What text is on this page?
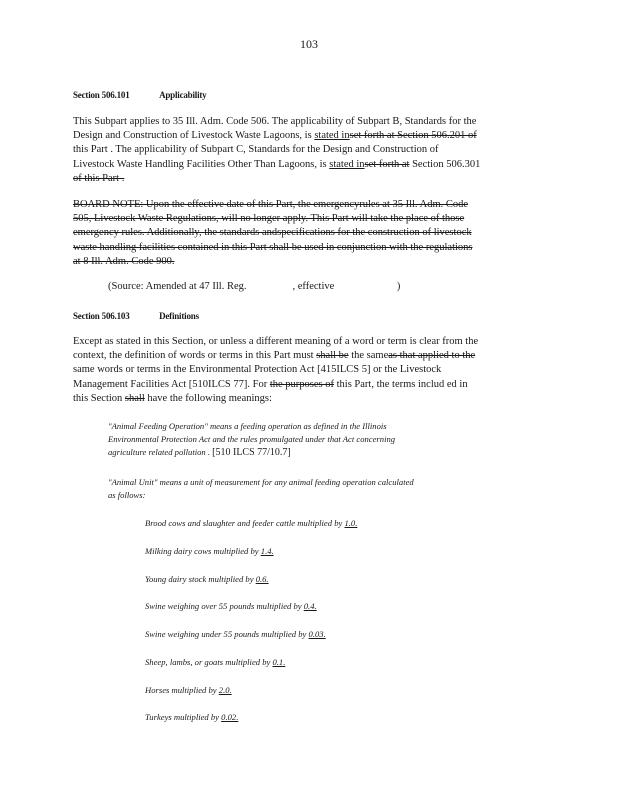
103
Section 506.101	Applicability
This Subpart applies to 35 Ill. Adm. Code 506. The applicability of Subpart B, Standards for the
Design and Construction of Livestock Waste Lagoons, is stated inset forth at Section 506.201 of
this Part . The applicability of Subpart C, Standards for the Design and Construction of
Livestock Waste Handling Facilities Other Than Lagoons, is stated inset forth at Section 506.301
of this Part .
BOARD NOTE: Upon the effective date of this Part, the emergencyrules at 35 Ill. Adm. Code
505, Livestock Waste Regulations, will no longer apply. This Part will take the place of those
emergency rules. Additionally, the standards andspecifications for the construction of livestock
waste handling facilities contained in this Part shall be used in conjunction with the regulations
at 8 Ill. Adm. Code 900.
(Source: Amended at 47 Ill. Reg.	, effective	)
Section 506.103	Definitions
Except as stated in this Section, or unless a different meaning of a word or term is clear from the
context, the definition of words or terms in this Part must shall be the sameas that applied to the
same words or terms in the Environmental Protection Act [415ILCS 5] or the Livestock
Management Facilities Act [510ILCS 77]. For the purposes of this Part, the terms includ ed in
this Section shall have the following meanings:
"Animal Feeding Operation" means a feeding operation as defined in the Illinois
Environmental Protection Act and the rules promulgated under that Act concerning
agriculture related pollution . [510 ILCS 77/10.7]
"Animal Unit" means a unit of measurement for any animal feeding operation calculated
as follows:
Brood cows and slaughter and feeder cattle multiplied by 1.0.
Milking dairy cows multiplied by 1.4.
Young dairy stock multiplied by 0.6.
Swine weighing over 55 pounds multiplied by 0.4.
Swine weighing under 55 pounds multiplied by 0.03.
Sheep, lambs, or goats multiplied by 0.1.
Horses multiplied by 2.0.
Turkeys multiplied by 0.02.
